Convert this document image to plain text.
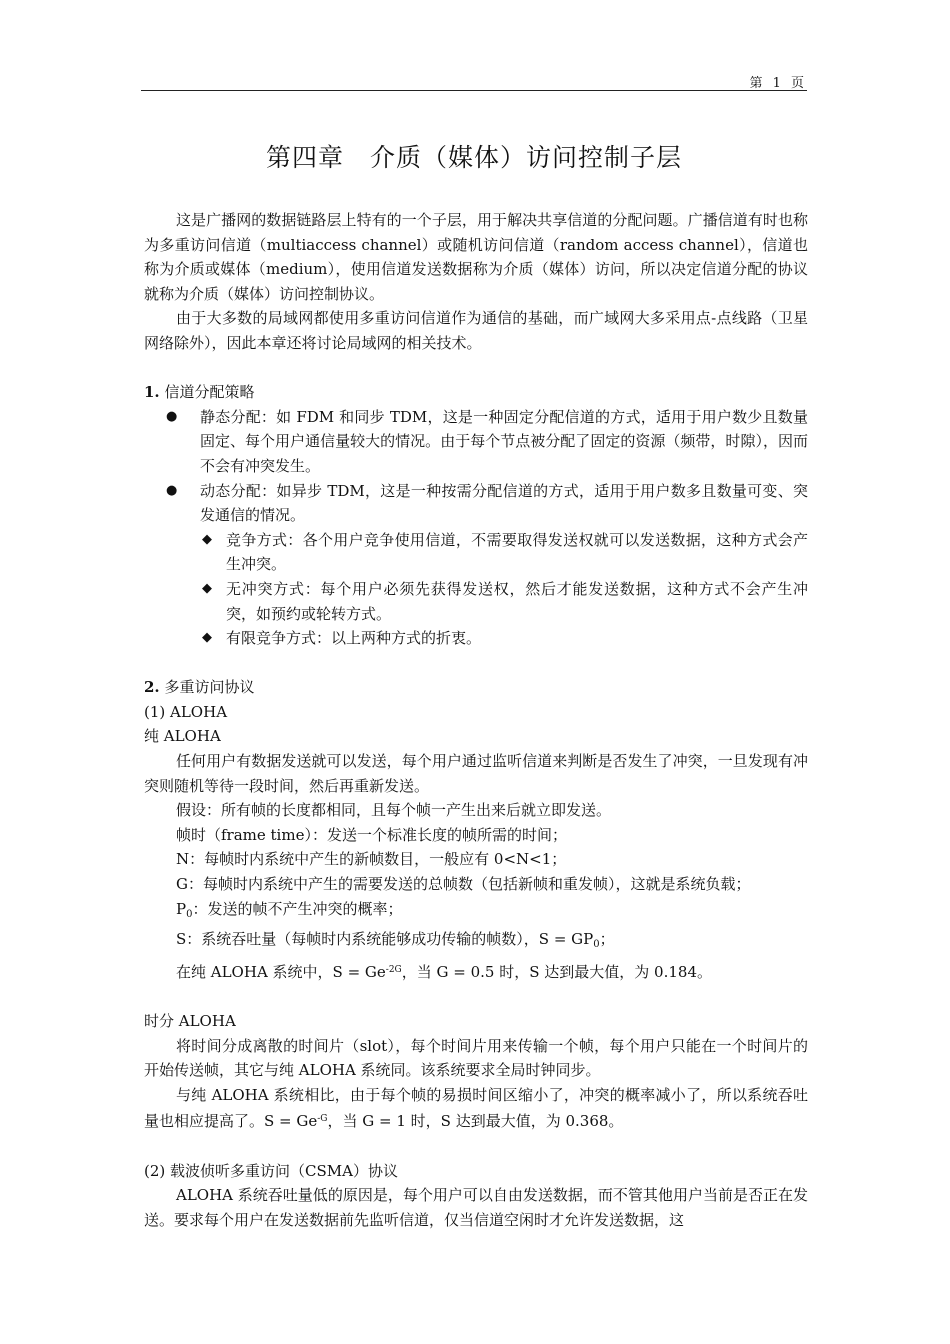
第 1 页
第四章　介质（媒体）访问控制子层

这是广播网的数据链路层上特有的一个子层，用于解决共享信道的分配问题。广播信道有时也称为多重访问信道（multiaccess channel）或随机访问信道（random access channel），信道也称为介质或媒体（medium），使用信道发送数据称为介质（媒体）访问，所以决定信道分配的协议就称为介质（媒体）访问控制协议。

由于大多数的局域网都使用多重访问信道作为通信的基础，而广域网大多采用点-点线路（卫星网络除外），因此本章还将讨论局域网的相关技术。

1. 信道分配策略

●	静态分配：如 FDM 和同步 TDM，这是一种固定分配信道的方式，适用于用户数少且数量固定、每个用户通信量较大的情况。由于每个节点被分配了固定的资源（频带，时隙），因而不会有冲突发生。
●	动态分配：如异步 TDM，这是一种按需分配信道的方式，适用于用户数多且数量可变、突发通信的情况。
◆ 竞争方式：各个用户竞争使用信道，不需要取得发送权就可以发送数据，这种方式会产生冲突。
◆ 无冲突方式：每个用户必须先获得发送权，然后才能发送数据，这种方式不会产生冲突，如预约或轮转方式。
◆ 有限竞争方式：以上两种方式的折衷。

2. 多重访问协议

(1) ALOHA

纯 ALOHA

任何用户有数据发送就可以发送，每个用户通过监听信道来判断是否发生了冲突，一旦发现有冲突则随机等待一段时间，然后再重新发送。

假设：所有帧的长度都相同，且每个帧一产生出来后就立即发送。

帧时（frame time）：发送一个标准长度的帧所需的时间；

N：每帧时内系统中产生的新帧数目，一般应有 0<N<1；

G：每帧时内系统中产生的需要发送的总帧数（包括新帧和重发帧），这就是系统负载；

$P_0$：发送的帧不产生冲突的概率；

S：系统吞吐量（每帧时内系统能够成功传输的帧数），$S = GP_0$；

在纯 ALOHA 系统中，$S = Ge^{-2G}$，当 G = 0.5 时，S 达到最大值，为 0.184。

时分 ALOHA

将时间分成离散的时间片（slot），每个时间片用来传输一个帧，每个用户只能在一个时间片的开始传送帧，其它与纯 ALOHA 系统同。该系统要求全局时钟同步。

与纯 ALOHA 系统相比，由于每个帧的易损时间区缩小了，冲突的概率减小了，所以系统吞吐量也相应提高了。$S = Ge^{-G}$，当 G = 1 时，S 达到最大值，为 0.368。

(2) 载波侦听多重访问（CSMA）协议

ALOHA 系统吞吐量低的原因是，每个用户可以自由发送数据，而不管其他用户当前是否正在发送。要求每个用户在发送数据前先监听信道，仅当信道空闲时才允许发送数据，这
